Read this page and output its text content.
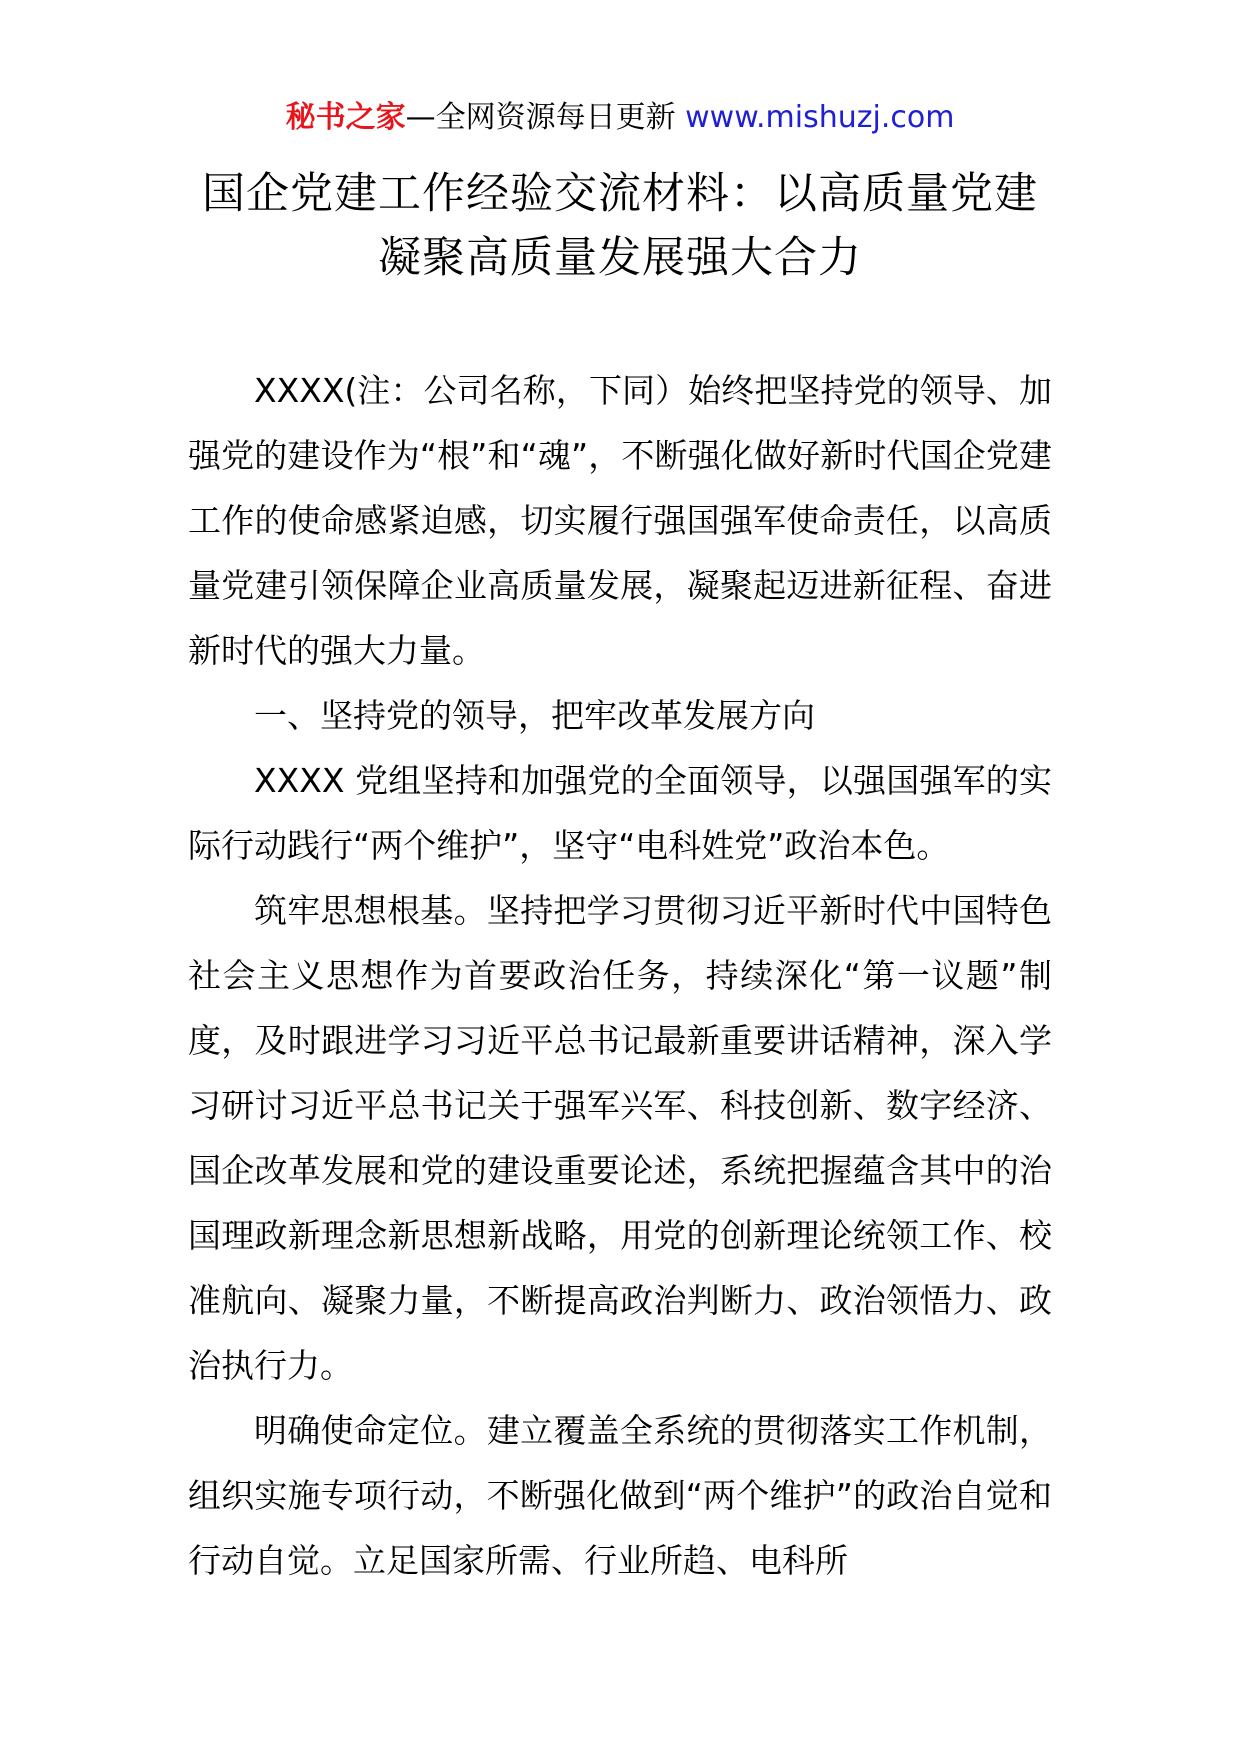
秘书之家—全网资源每日更新 www.mishuzj.com
国企党建工作经验交流材料：以高质量党建凝聚高质量发展强大合力

XXXX(注：公司名称，下同）始终把坚持党的领导、加强党的建设作为“根”和“魂”，不断强化做好新时代国企党建工作的使命感紧迫感，切实履行强国强军使命责任，以高质量党建引领保障企业高质量发展，凝聚起迈进新征程、奋进新时代的强大力量。

一、坚持党的领导，把牢改革发展方向

XXXX 党组坚持和加强党的全面领导，以强国强军的实际行动践行“两个维护”，坚守“电科姓党”政治本色。

筑牢思想根基。坚持把学习贯彻习近平新时代中国特色社会主义思想作为首要政治任务，持续深化“第一议题”制度，及时跟进学习习近平总书记最新重要讲话精神，深入学习研讨习近平总书记关于强军兴军、科技创新、数字经济、国企改革发展和党的建设重要论述，系统把握蕴含其中的治国理政新理念新思想新战略，用党的创新理论统领工作、校准航向、凝聚力量，不断提高政治判断力、政治领悟力、政治执行力。

明确使命定位。建立覆盖全系统的贯彻落实工作机制，组织实施专项行动，不断强化做到“两个维护”的政治自觉和行动自觉。立足国家所需、行业所趋、电科所
